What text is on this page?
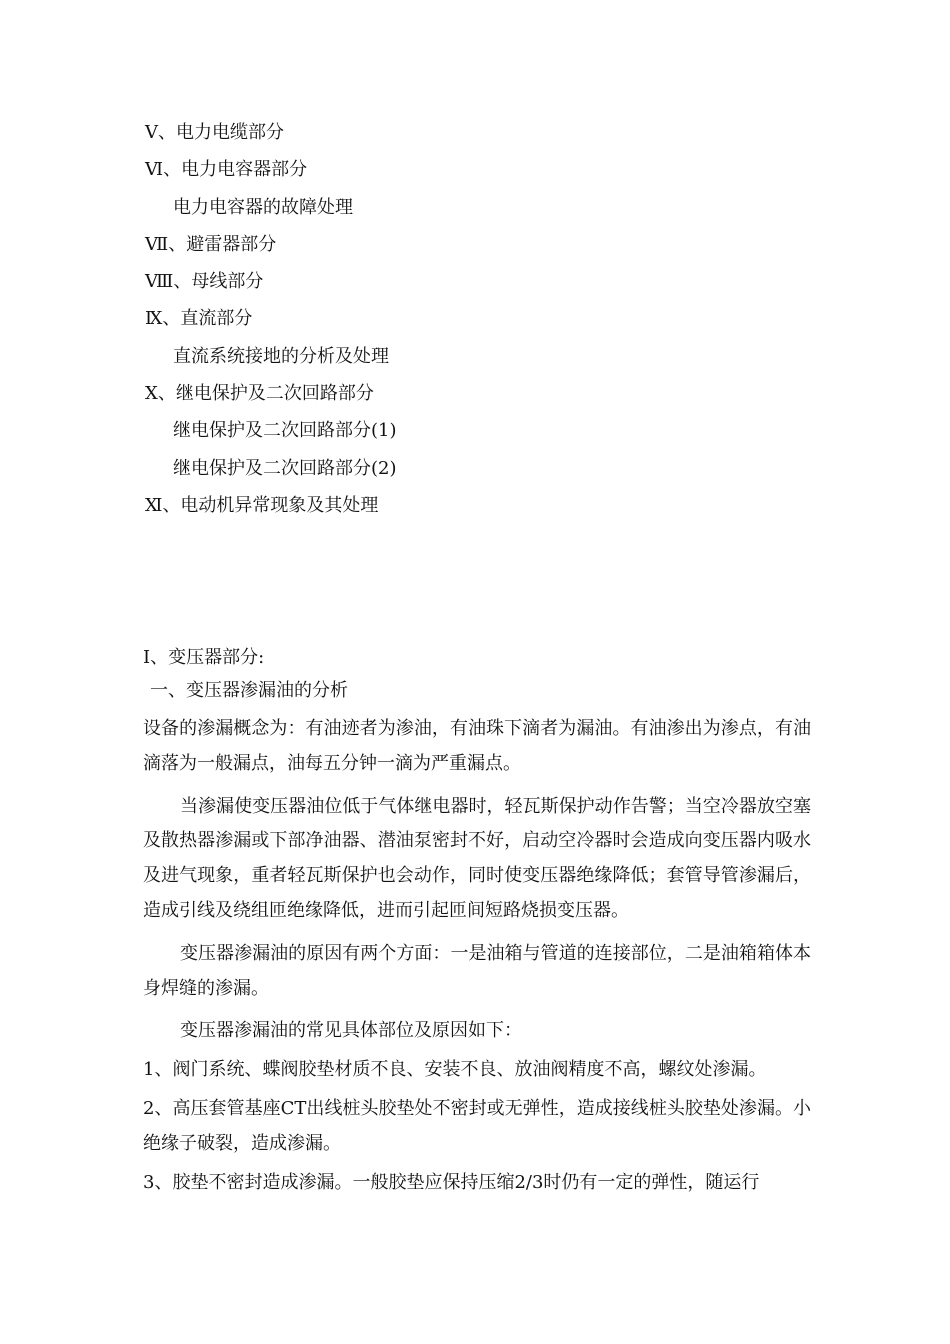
Ⅴ、电力电缆部分
Ⅵ、电力电容器部分
电力电容器的故障处理
Ⅶ、避雷器部分
Ⅷ、母线部分
Ⅸ、直流部分
直流系统接地的分析及处理
Ⅹ、继电保护及二次回路部分
继电保护及二次回路部分(1)
继电保护及二次回路部分(2)
Ⅺ、电动机异常现象及其处理
I、变压器部分:
一、变压器渗漏油的分析

设备的渗漏概念为：有油迹者为渗油，有油珠下滴者为漏油。有油渗出为渗点，有油滴落为一般漏点，油每五分钟一滴为严重漏点。

当渗漏使变压器油位低于气体继电器时，轻瓦斯保护动作告警；当空冷器放空塞及散热器渗漏或下部净油器、潜油泵密封不好，启动空冷器时会造成向变压器内吸水及进气现象，重者轻瓦斯保护也会动作，同时使变压器绝缘降低；套管导管渗漏后，造成引线及绕组匝绝缘降低，进而引起匝间短路烧损变压器。

变压器渗漏油的原因有两个方面：一是油箱与管道的连接部位，二是油箱箱体本身焊缝的渗漏。

变压器渗漏油的常见具体部位及原因如下：

1、阀门系统、蝶阀胶垫材质不良、安装不良、放油阀精度不高，螺纹处渗漏。

2、高压套管基座CT出线桩头胶垫处不密封或无弹性，造成接线桩头胶垫处渗漏。小绝缘子破裂，造成渗漏。

3、胶垫不密封造成渗漏。一般胶垫应保持压缩2/3时仍有一定的弹性，随运行
